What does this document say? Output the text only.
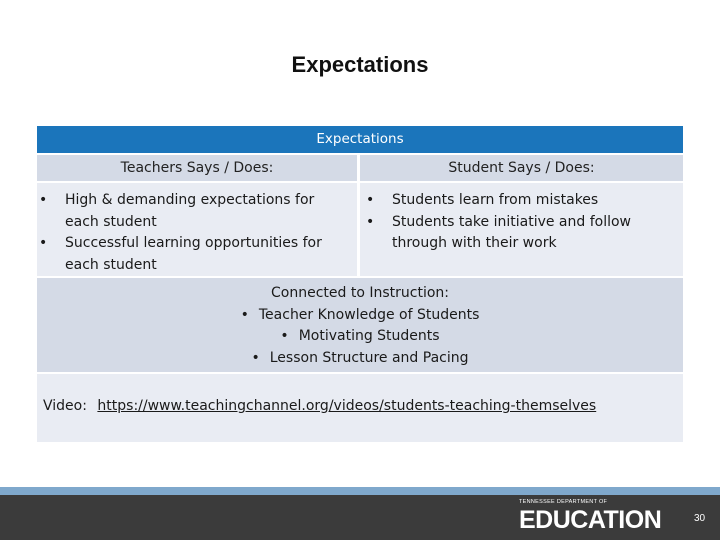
Expectations
Expectations
Teachers Says / Does:	Student Says / Does:
• High & demanding expectations for each student
• Successful learning opportunities for each student
• Students learn from mistakes
• Students take initiative and follow through with their work
Connected to Instruction:
• Teacher Knowledge of Students
• Motivating Students
• Lesson Structure and Pacing
Video: https://www.teachingchannel.org/videos/students-teaching-themselves
TENNESSEE DEPARTMENT OF
EDUCATION	30
